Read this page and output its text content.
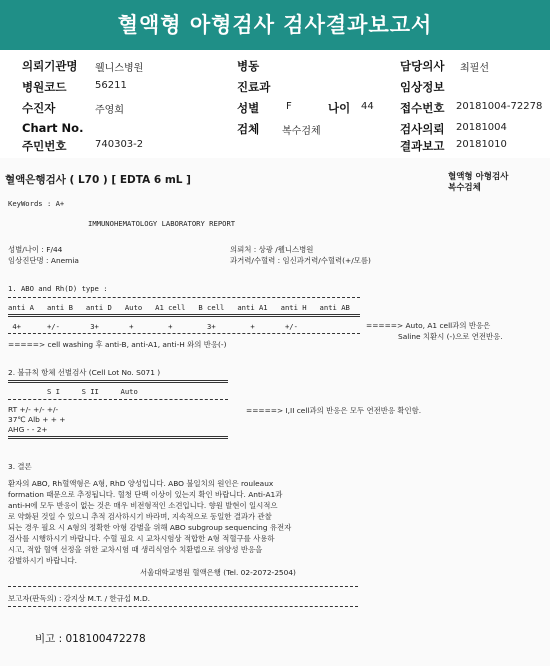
혈액형 아형검사 검사결과보고서
의뢰기관명 웰니스병원
병원코드	56211
수진자	주영희
Chart No.
주민번호	740303-2
병동
진료과
성별	F	나이 44
검체 복수검체
담당의사 최필선
임상정보
접수번호 20181004-72278
검사의뢰 20181004
결과보고 20181010
혈액은행검사 ( L70 ) [ EDTA 6 mL ]	혈액형 아형검사
복수검체
KeyWords : A+
IMMUNOHEMATOLOGY LABORATORY REPORT
성별/나이 : F/44
임상진단명 : Anemia
의뢰처 : 상광 /웰니스병원
과거력/수혈력 : 임신과거력/수혈력(+/모름)
1. ABO and Rh(D) type :
anti A   anti B   anti D   Auto   A1 cell   B cell   anti A1   anti H   anti AB
4+      +/-       3+       +        +        3+        +       +/-	=====> Auto, A1 cell과의 반응은
Saline 치환시 (-)으로 연전반응.
=====> cell washing 후 anti-B, anti-A1, anti-H 와의 반응(-)
2. 불규칙 항체 선별검사 (Cell Lot No. S071 )
S I     S II     Auto
RT +/- +/- +/-
37℃ Alb + + +
AHG - - 2+
=====> I,II cell과의 반응은 모두 연전반응 확인함.
3. 결론
환자의 ABO, Rh혈액형은 A형, RhD 양성입니다. ABO 불일치의 원인은 rouleaux
formation 때문으로 추정됩니다. 혈청 단백 이상이 있는지 확인 바랍니다. Anti-A1과
anti-H에 모두 반응이 없는 것은 매우 비전형적인 소견입니다. 향원 발현이 일시적으
로 약화된 것일 수 있으니 추적 검사하시기 바라며, 지속적으로 동일한 결과가 관찰
되는 경우 필요 시 A형의 정확한 아형 감별을 위해 ABO subgroup sequencing 유전자
검사를 시행하시기 바랍니다. 수혈 필요 시 교차시험상 적합한 A형 적혈구를 사용하
시고, 적합 혈액 선정을 위한 교차시험 때 생리식염수 치환법으로 위양성 반응을
감별하시기 바랍니다.
서울대학교병원 혈액은행 (Tel. 02-2072-2504)
보고자(판독의) : 강지상 M.T. / 한규섭 M.D.
비고 : 018100472278
